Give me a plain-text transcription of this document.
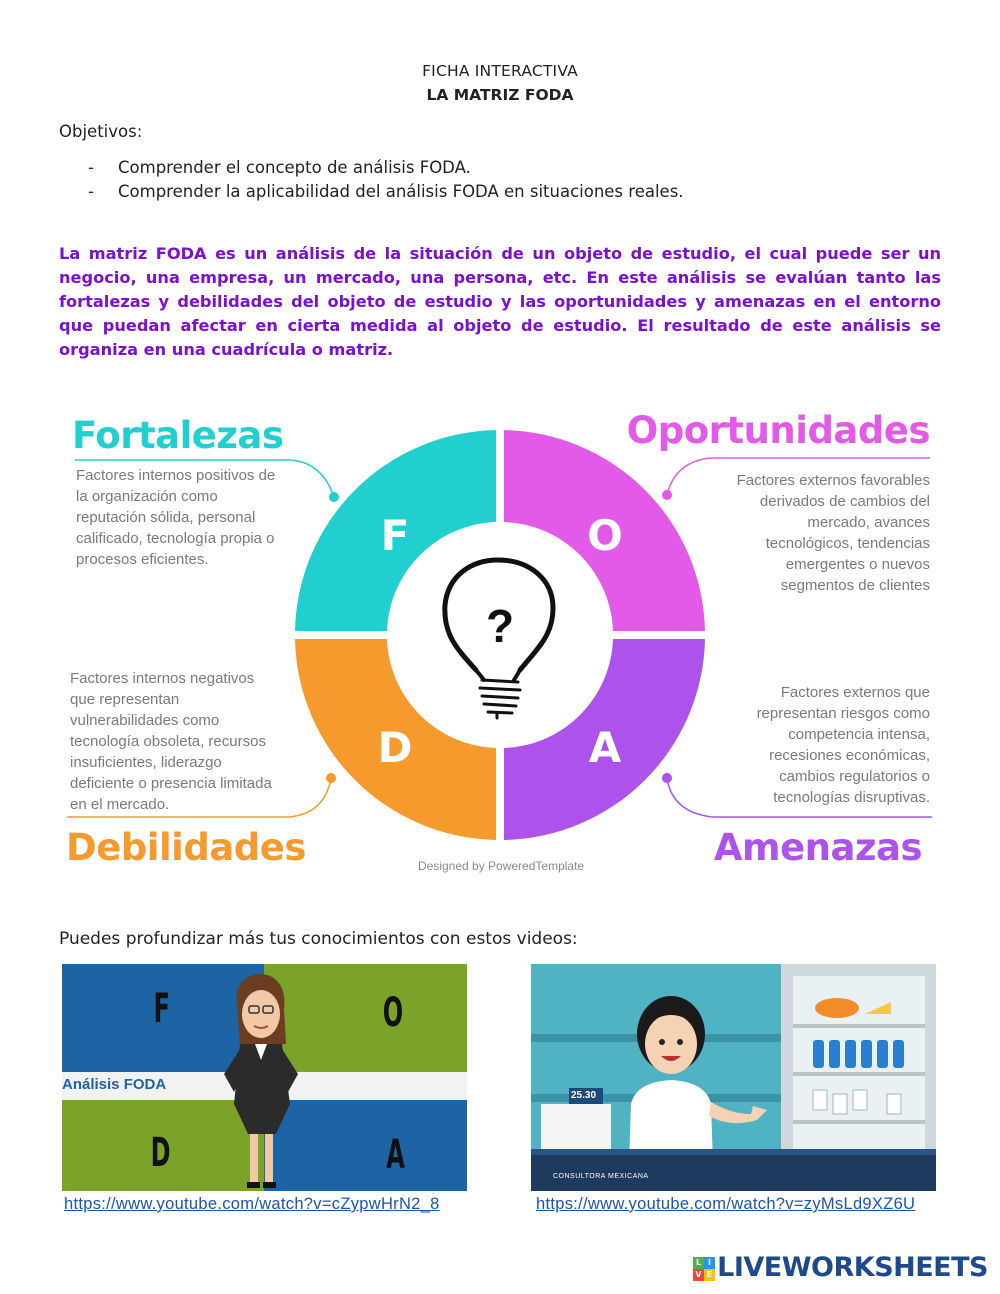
FICHA INTERACTIVA
LA MATRIZ FODA
Objetivos:
- Comprender el concepto de análisis FODA.
- Comprender la aplicabilidad del análisis FODA en situaciones reales.
La matriz FODA es un análisis de la situación de un objeto de estudio, el cual puede ser un negocio, una empresa, un mercado, una persona, etc. En este análisis se evalúan tanto las fortalezas y debilidades del objeto de estudio y las oportunidades y amenazas en el entorno que puedan afectar en cierta medida al objeto de estudio. El resultado de este análisis se organiza en una cuadrícula o matriz.
?
F	O
D	A
Fortalezas	Oportunidades
Debilidades	Amenazas
Factores internos positivos de
la organización como
reputación sólida, personal
calificado, tecnología propia o
procesos eficientes.
Factores externos favorables
derivados de cambios del
mercado, avances
tecnológicos, tendencias
emergentes o nuevos
segmentos de clientes
Factores internos negativos
que representan
vulnerabilidades como
tecnología obsoleta, recursos
insuficientes, liderazgo
deficiente o presencia limitada
en el mercado.
Factores externos que
representan riesgos como
competencia intensa,
recesiones económicas,
cambios regulatorios o
tecnologías disruptivas.
Designed by PoweredTemplate
Puedes profundizar más tus conocimientos con estos videos:
F	O
D	A
Análisis FODA
https://www.youtube.com/watch?v=cZypwHrN2_8
25.30
CONSULTORA MEXICANA
https://www.youtube.com/watch?v=zyMsLd9XZ6U
L I
V E LIVEWORKSHEETS
